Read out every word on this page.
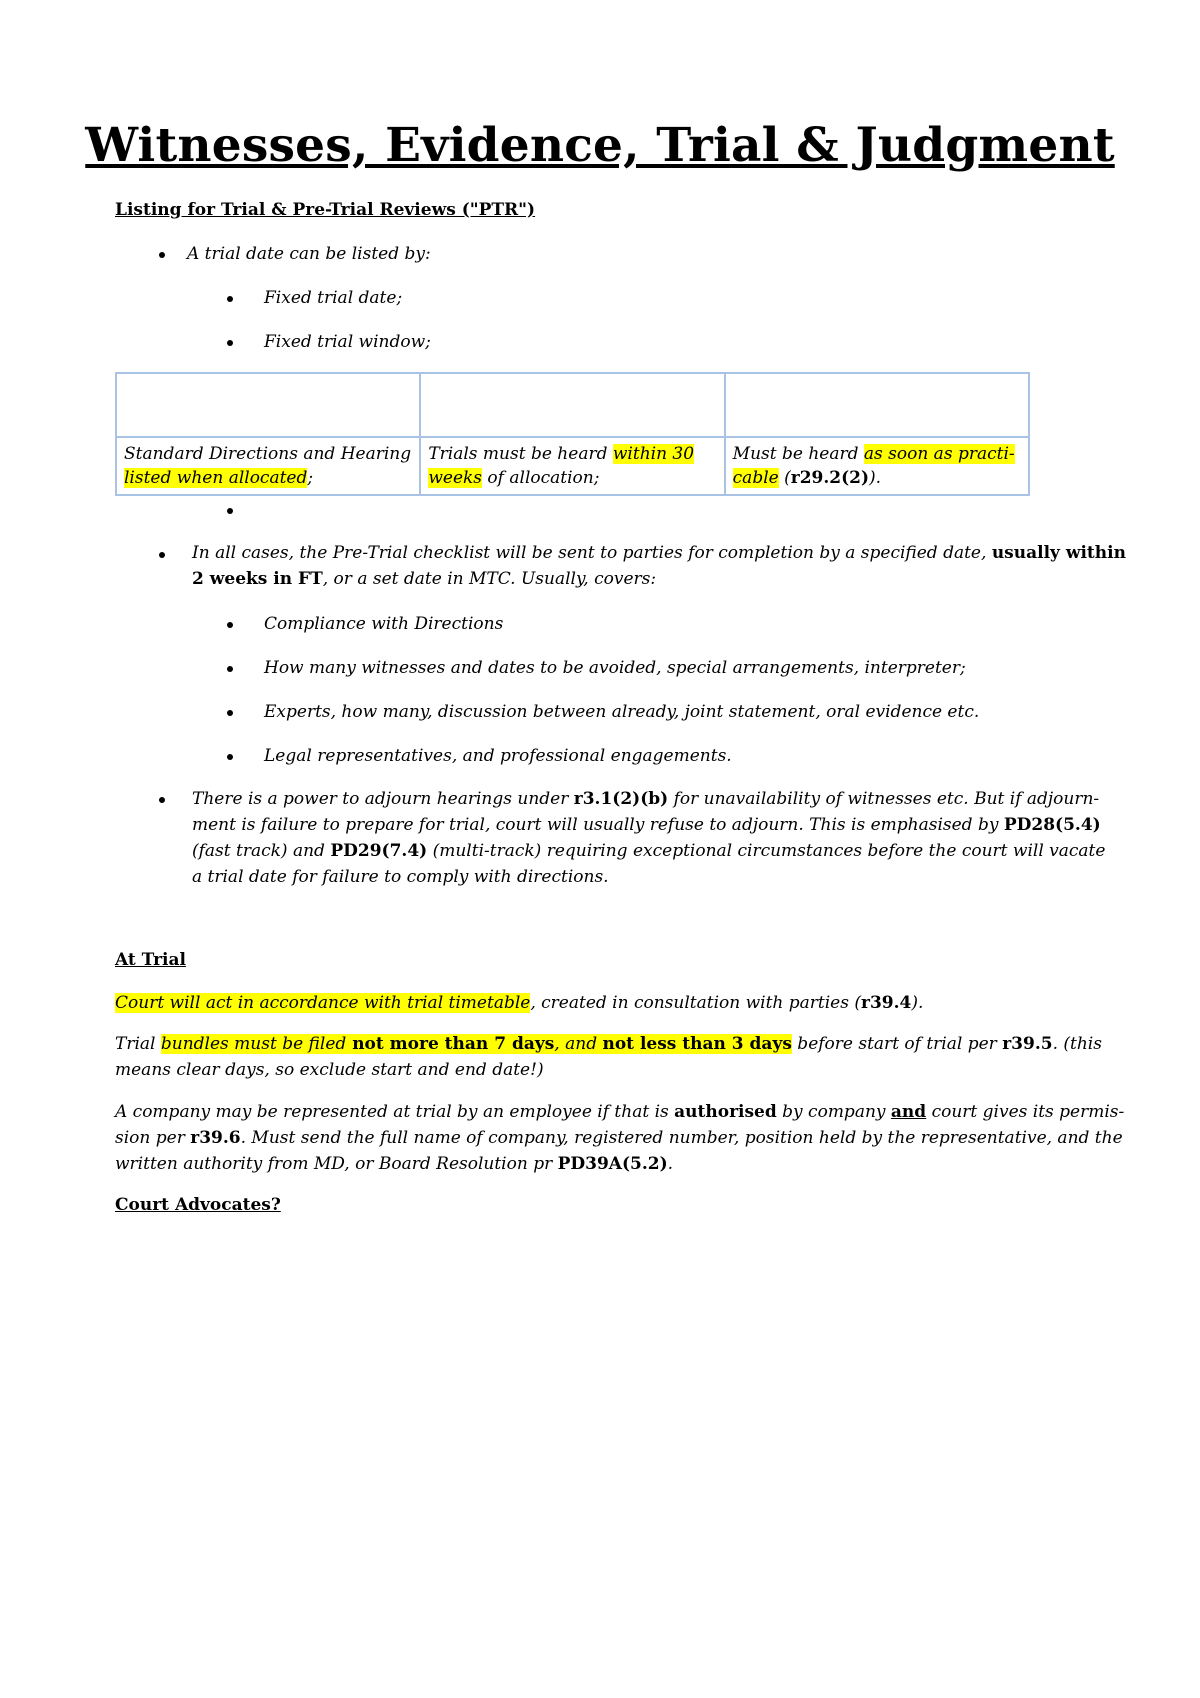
Witnesses, Evidence, Trial & Judgment

Listing for Trial & Pre-Trial Reviews ("PTR")

A trial date can be listed by:

Fixed trial date;

Fixed trial window;

Standard Directions and Hearing listed when allocated;	Trials must be heard within 30
weeks of allocation;	Must be heard as soon as practi-
cable (r29.2(2)).

In all cases, the Pre-Trial checklist will be sent to parties for completion by a specified date, usually within

2 weeks in FT, or a set date in MTC. Usually, covers:

Compliance with Directions

How many witnesses and dates to be avoided, special arrangements, interpreter;

Experts, how many, discussion between already, joint statement, oral evidence etc.

Legal representatives, and professional engagements.

There is a power to adjourn hearings under r3.1(2)(b) for unavailability of witnesses etc. But if adjourn-

ment is failure to prepare for trial, court will usually refuse to adjourn. This is emphasised by PD28(5.4)

(fast track) and PD29(7.4) (multi-track) requiring exceptional circumstances before the court will vacate

a trial date for failure to comply with directions.

At Trial

Court will act in accordance with trial timetable, created in consultation with parties (r39.4).

Trial bundles must be filed not more than 7 days, and not less than 3 days before start of trial per r39.5. (this

means clear days, so exclude start and end date!)

A company may be represented at trial by an employee if that is authorised by company and court gives its permis-

sion per r39.6. Must send the full name of company, registered number, position held by the representative, and the

written authority from MD, or Board Resolution pr PD39A(5.2).

Court Advocates?
